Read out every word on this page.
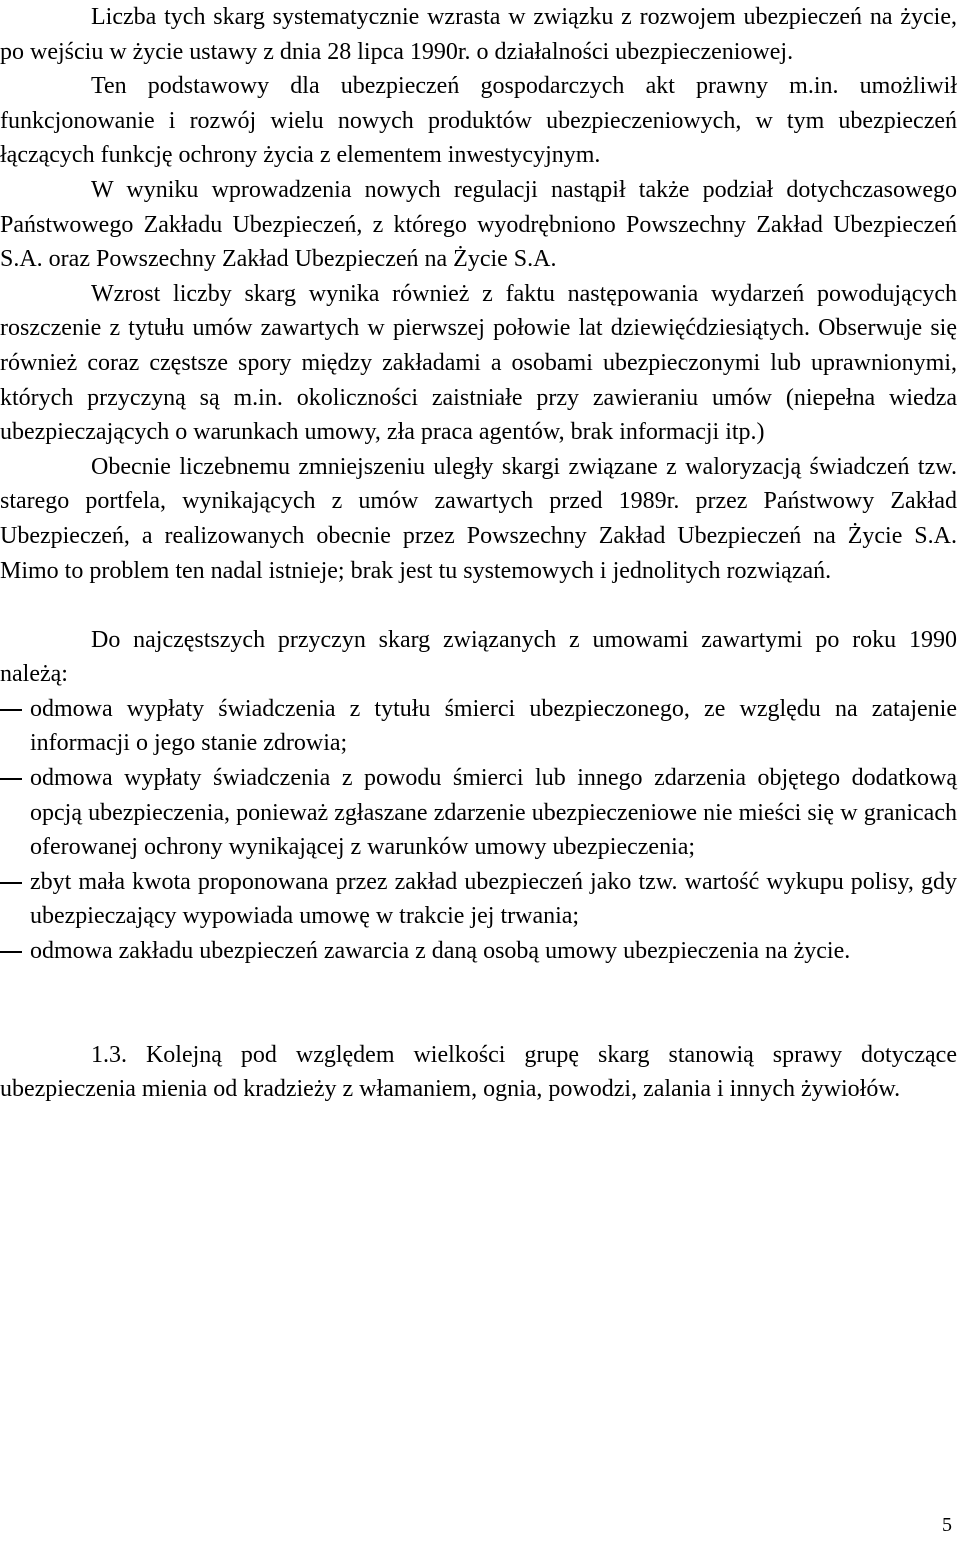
Liczba tych skarg systematycznie wzrasta w związku z rozwojem ubezpieczeń na życie, po wejściu w życie ustawy z dnia 28 lipca 1990r. o działalności ubezpieczeniowej.

Ten podstawowy dla ubezpieczeń gospodarczych akt prawny m.in. umożliwił funkcjonowanie i rozwój wielu nowych produktów ubezpieczeniowych, w tym ubezpieczeń łączących funkcję ochrony życia z elementem inwestycyjnym.

W wyniku wprowadzenia nowych regulacji nastąpił także podział dotychczasowego Państwowego Zakładu Ubezpieczeń, z którego wyodrębniono Powszechny Zakład Ubezpieczeń S.A. oraz Powszechny Zakład Ubezpieczeń na Życie S.A.

Wzrost liczby skarg wynika również z faktu następowania wydarzeń powodujących roszczenie z tytułu umów zawartych w pierwszej połowie lat dziewięćdziesiątych. Obserwuje się również coraz częstsze spory między zakładami a osobami ubezpieczonymi lub uprawnionymi, których przyczyną są m.in. okoliczności zaistniałe przy zawieraniu umów (niepełna wiedza ubezpieczających o warunkach umowy, zła praca agentów, brak informacji itp.)

Obecnie liczebnemu zmniejszeniu uległy skargi związane z waloryzacją świadczeń tzw. starego portfela, wynikających z umów zawartych przed 1989r. przez Państwowy Zakład Ubezpieczeń, a realizowanych obecnie przez Powszechny Zakład Ubezpieczeń na Życie S.A. Mimo to problem ten nadal istnieje; brak jest tu systemowych i jednolitych rozwiązań.

Do najczęstszych przyczyn skarg związanych z umowami zawartymi po roku 1990 należą:

odmowa wypłaty świadczenia z tytułu śmierci ubezpieczonego, ze względu na zatajenie informacji o jego stanie zdrowia;
odmowa wypłaty świadczenia z powodu śmierci lub innego zdarzenia objętego dodatkową opcją ubezpieczenia, ponieważ zgłaszane zdarzenie ubezpieczeniowe nie mieści się w granicach oferowanej ochrony wynikającej z warunków umowy ubezpieczenia;
zbyt mała kwota proponowana przez zakład ubezpieczeń jako tzw. wartość wykupu polisy, gdy ubezpieczający wypowiada umowę w trakcie jej trwania;
odmowa zakładu ubezpieczeń zawarcia z daną osobą umowy ubezpieczenia na życie.

1.3. Kolejną pod względem wielkości grupę skarg stanowią sprawy dotyczące ubezpieczenia mienia od kradzieży z włamaniem, ognia, powodzi, zalania i innych żywiołów.

5
